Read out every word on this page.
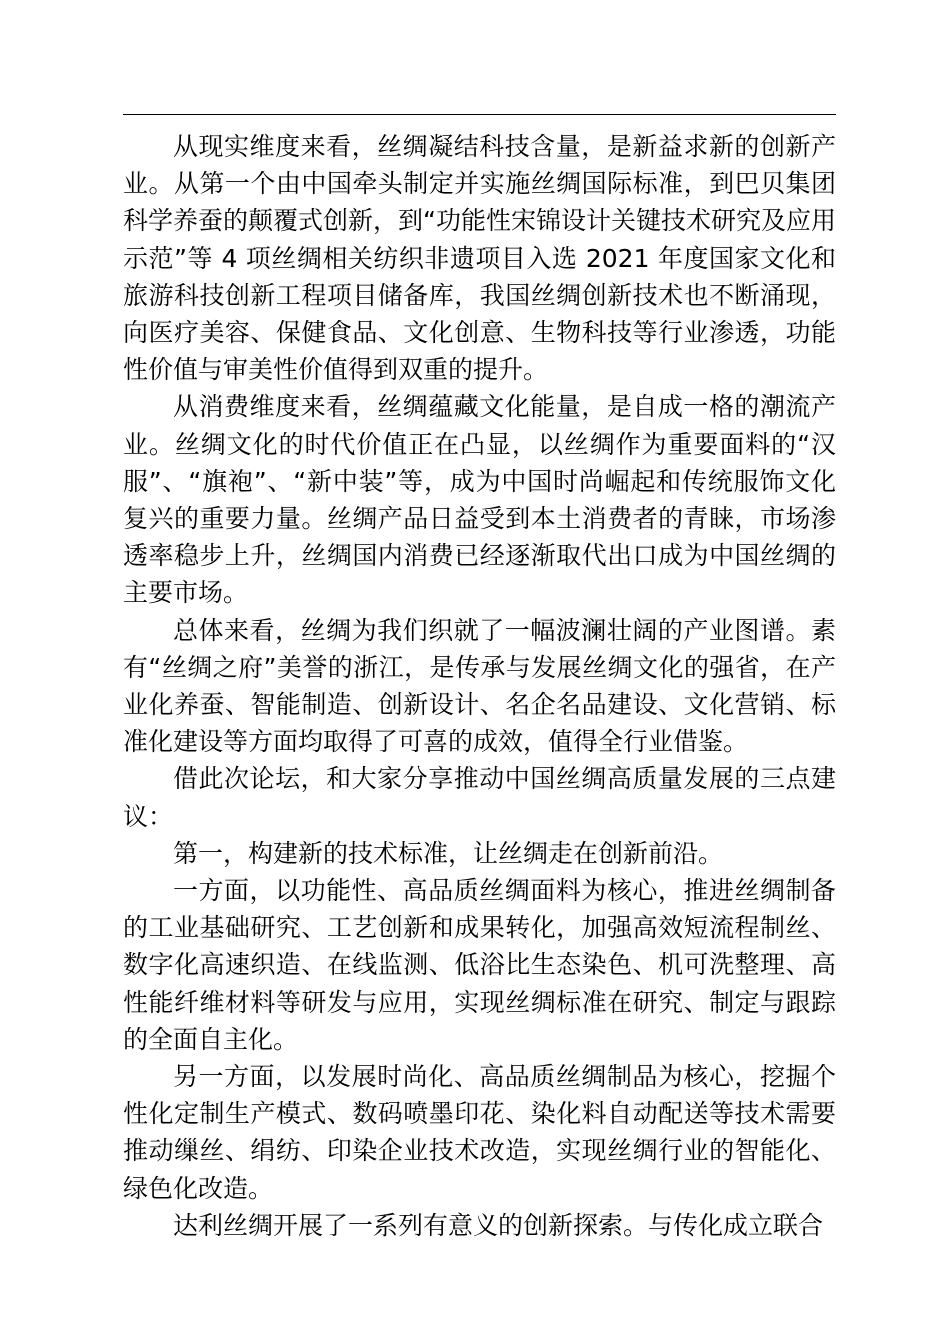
从现实维度来看，丝绸凝结科技含量，是新益求新的创新产业。从第一个由中国牵头制定并实施丝绸国际标准，到巴贝集团科学养蚕的颠覆式创新，到“功能性宋锦设计关键技术研究及应用示范”等 4 项丝绸相关纺织非遗项目入选 2021 年度国家文化和旅游科技创新工程项目储备库，我国丝绸创新技术也不断涌现，向医疗美容、保健食品、文化创意、生物科技等行业渗透，功能性价值与审美性价值得到双重的提升。

从消费维度来看，丝绸蕴藏文化能量，是自成一格的潮流产业。丝绸文化的时代价值正在凸显，以丝绸作为重要面料的“汉服”、“旗袍”、“新中装”等，成为中国时尚崛起和传统服饰文化复兴的重要力量。丝绸产品日益受到本土消费者的青睐，市场渗透率稳步上升，丝绸国内消费已经逐渐取代出口成为中国丝绸的主要市场。

总体来看，丝绸为我们织就了一幅波澜壮阔的产业图谱。素有“丝绸之府”美誉的浙江，是传承与发展丝绸文化的强省，在产业化养蚕、智能制造、创新设计、名企名品建设、文化营销、标准化建设等方面均取得了可喜的成效，值得全行业借鉴。

借此次论坛，和大家分享推动中国丝绸高质量发展的三点建议：

第一，构建新的技术标准，让丝绸走在创新前沿。

一方面，以功能性、高品质丝绸面料为核心，推进丝绸制备的工业基础研究、工艺创新和成果转化，加强高效短流程制丝、数字化高速织造、在线监测、低浴比生态染色、机可洗整理、高性能纤维材料等研发与应用，实现丝绸标准在研究、制定与跟踪的全面自主化。

另一方面，以发展时尚化、高品质丝绸制品为核心，挖掘个性化定制生产模式、数码喷墨印花、染化料自动配送等技术需要推动缫丝、绢纺、印染企业技术改造，实现丝绸行业的智能化、绿色化改造。

达利丝绸开展了一系列有意义的创新探索。与传化成立联合
